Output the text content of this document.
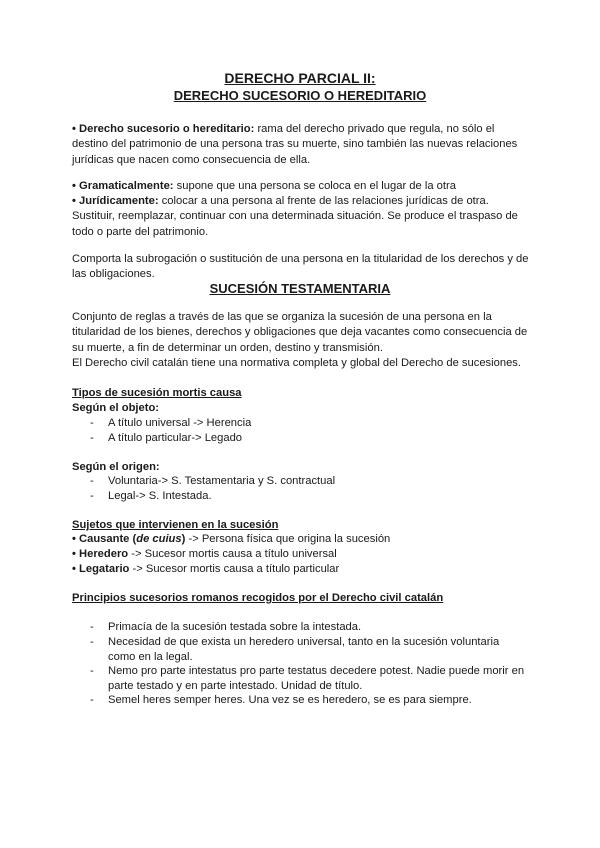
DERECHO PARCIAL II:
DERECHO SUCESORIO O HEREDITARIO
• Derecho sucesorio o hereditario: rama del derecho privado que regula, no sólo el destino del patrimonio de una persona tras su muerte, sino también las nuevas relaciones jurídicas que nacen como consecuencia de ella.
• Gramaticalmente: supone que una persona se coloca en el lugar de la otra
• Jurídicamente: colocar a una persona al frente de las relaciones jurídicas de otra. Sustituir, reemplazar, continuar con una determinada situación. Se produce el traspaso de todo o parte del patrimonio.
Comporta la subrogación o sustitución de una persona en la titularidad de los derechos y de las obligaciones.
SUCESIÓN TESTAMENTARIA
Conjunto de reglas a través de las que se organiza la sucesión de una persona en la titularidad de los bienes, derechos y obligaciones que deja vacantes como consecuencia de su muerte, a fin de determinar un orden, destino y transmisión.
El Derecho civil catalán tiene una normativa completa y global del Derecho de sucesiones.
Tipos de sucesión mortis causa
Según el objeto:
- A título universal -> Herencia
- A título particular-> Legado
Según el origen:
- Voluntaria-> S. Testamentaria y S. contractual
- Legal-> S. Intestada.
Sujetos que intervienen en la sucesión
• Causante (de cuius) -> Persona física que origina la sucesión
• Heredero -> Sucesor mortis causa a título universal
• Legatario -> Sucesor mortis causa a título particular
Principios sucesorios romanos recogidos por el Derecho civil catalán
- Primacía de la sucesión testada sobre la intestada.
- Necesidad de que exista un heredero universal, tanto en la sucesión voluntaria como en la legal.
- Nemo pro parte intestatus pro parte testatus decedere potest. Nadie puede morir en parte testado y en parte intestado. Unidad de título.
- Semel heres semper heres. Una vez se es heredero, se es para siempre.
